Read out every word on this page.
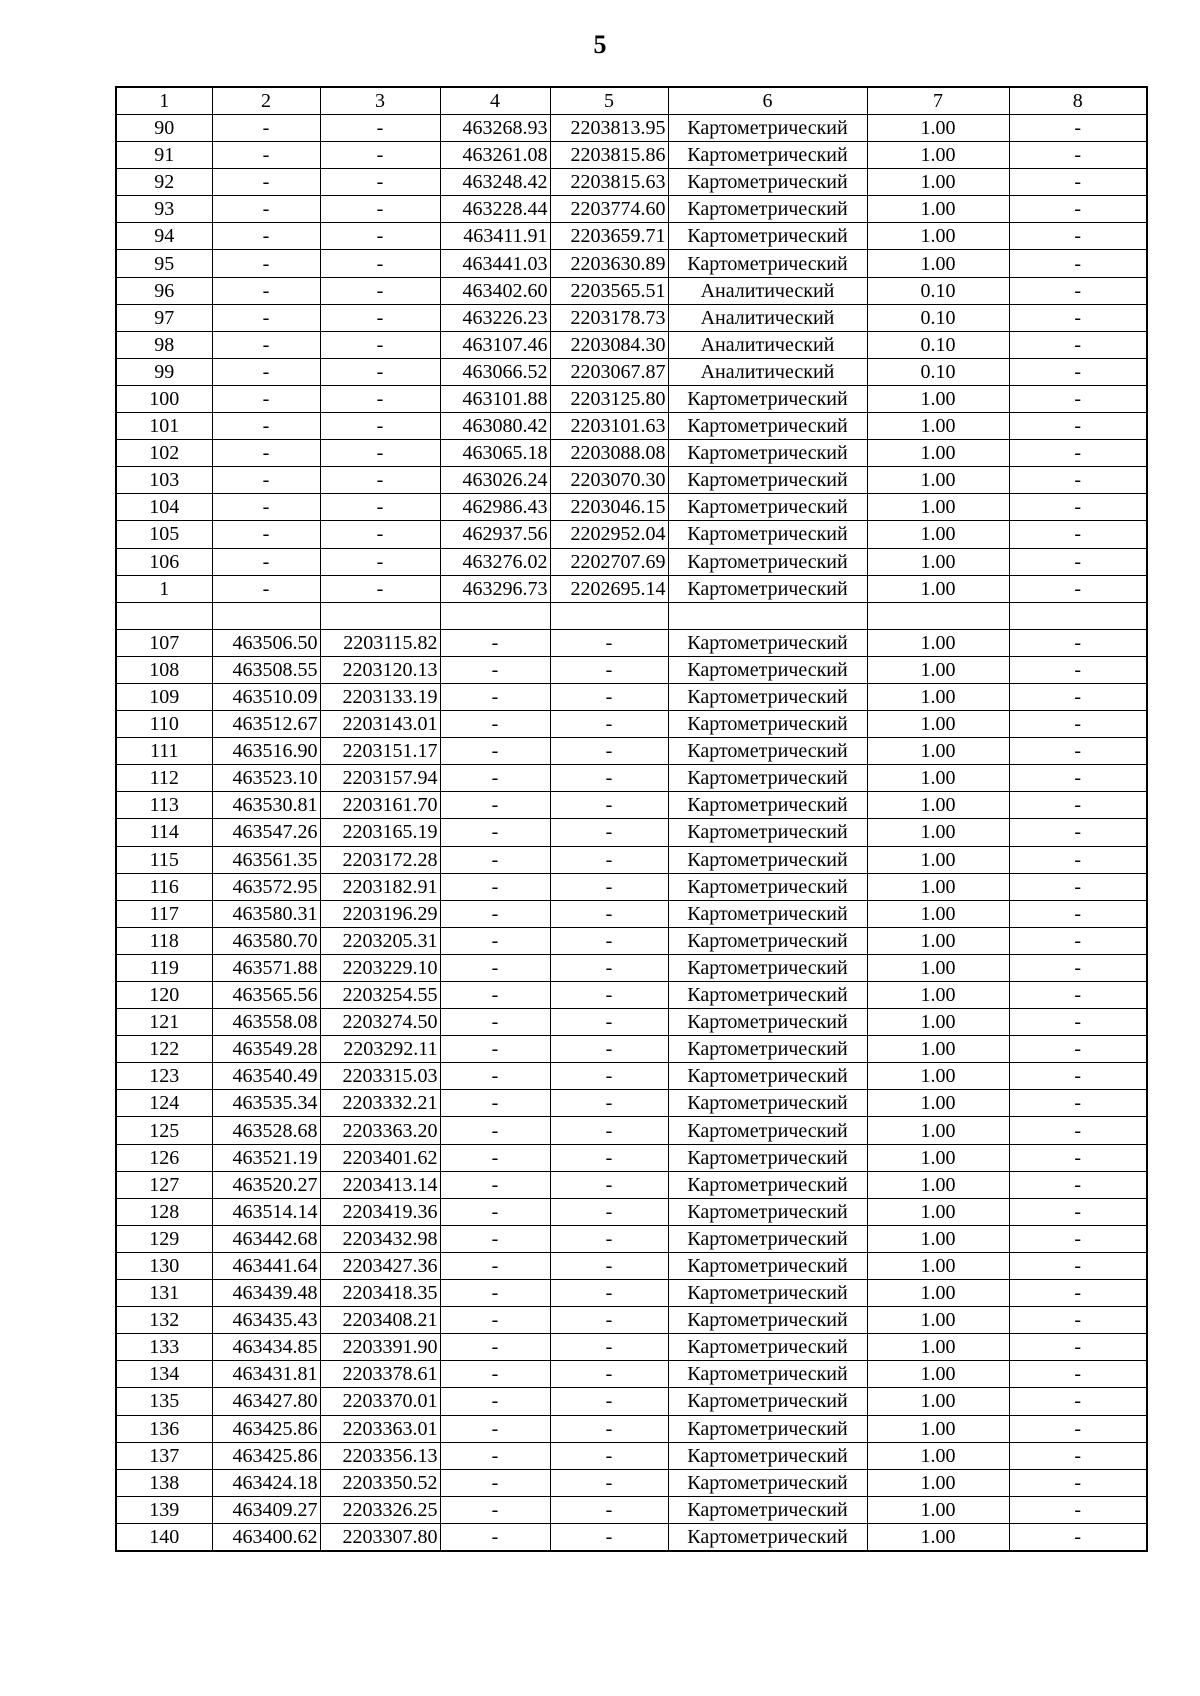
5
1	2	3	4	5	6	7	8
90	-	-	463268.93	2203813.95	Картометрический	1.00	-
91	-	-	463261.08	2203815.86	Картометрический	1.00	-
92	-	-	463248.42	2203815.63	Картометрический	1.00	-
93	-	-	463228.44	2203774.60	Картометрический	1.00	-
94	-	-	463411.91	2203659.71	Картометрический	1.00	-
95	-	-	463441.03	2203630.89	Картометрический	1.00	-
96	-	-	463402.60	2203565.51	Аналитический	0.10	-
97	-	-	463226.23	2203178.73	Аналитический	0.10	-
98	-	-	463107.46	2203084.30	Аналитический	0.10	-
99	-	-	463066.52	2203067.87	Аналитический	0.10	-
100	-	-	463101.88	2203125.80	Картометрический	1.00	-
101	-	-	463080.42	2203101.63	Картометрический	1.00	-
102	-	-	463065.18	2203088.08	Картометрический	1.00	-
103	-	-	463026.24	2203070.30	Картометрический	1.00	-
104	-	-	462986.43	2203046.15	Картометрический	1.00	-
105	-	-	462937.56	2202952.04	Картометрический	1.00	-
106	-	-	463276.02	2202707.69	Картометрический	1.00	-
1	-	-	463296.73	2202695.14	Картометрический	1.00	-

107	463506.50	2203115.82	-	-	Картометрический	1.00	-
108	463508.55	2203120.13	-	-	Картометрический	1.00	-
109	463510.09	2203133.19	-	-	Картометрический	1.00	-
110	463512.67	2203143.01	-	-	Картометрический	1.00	-
111	463516.90	2203151.17	-	-	Картометрический	1.00	-
112	463523.10	2203157.94	-	-	Картометрический	1.00	-
113	463530.81	2203161.70	-	-	Картометрический	1.00	-
114	463547.26	2203165.19	-	-	Картометрический	1.00	-
115	463561.35	2203172.28	-	-	Картометрический	1.00	-
116	463572.95	2203182.91	-	-	Картометрический	1.00	-
117	463580.31	2203196.29	-	-	Картометрический	1.00	-
118	463580.70	2203205.31	-	-	Картометрический	1.00	-
119	463571.88	2203229.10	-	-	Картометрический	1.00	-
120	463565.56	2203254.55	-	-	Картометрический	1.00	-
121	463558.08	2203274.50	-	-	Картометрический	1.00	-
122	463549.28	2203292.11	-	-	Картометрический	1.00	-
123	463540.49	2203315.03	-	-	Картометрический	1.00	-
124	463535.34	2203332.21	-	-	Картометрический	1.00	-
125	463528.68	2203363.20	-	-	Картометрический	1.00	-
126	463521.19	2203401.62	-	-	Картометрический	1.00	-
127	463520.27	2203413.14	-	-	Картометрический	1.00	-
128	463514.14	2203419.36	-	-	Картометрический	1.00	-
129	463442.68	2203432.98	-	-	Картометрический	1.00	-
130	463441.64	2203427.36	-	-	Картометрический	1.00	-
131	463439.48	2203418.35	-	-	Картометрический	1.00	-
132	463435.43	2203408.21	-	-	Картометрический	1.00	-
133	463434.85	2203391.90	-	-	Картометрический	1.00	-
134	463431.81	2203378.61	-	-	Картометрический	1.00	-
135	463427.80	2203370.01	-	-	Картометрический	1.00	-
136	463425.86	2203363.01	-	-	Картометрический	1.00	-
137	463425.86	2203356.13	-	-	Картометрический	1.00	-
138	463424.18	2203350.52	-	-	Картометрический	1.00	-
139	463409.27	2203326.25	-	-	Картометрический	1.00	-
140	463400.62	2203307.80	-	-	Картометрический	1.00	-
